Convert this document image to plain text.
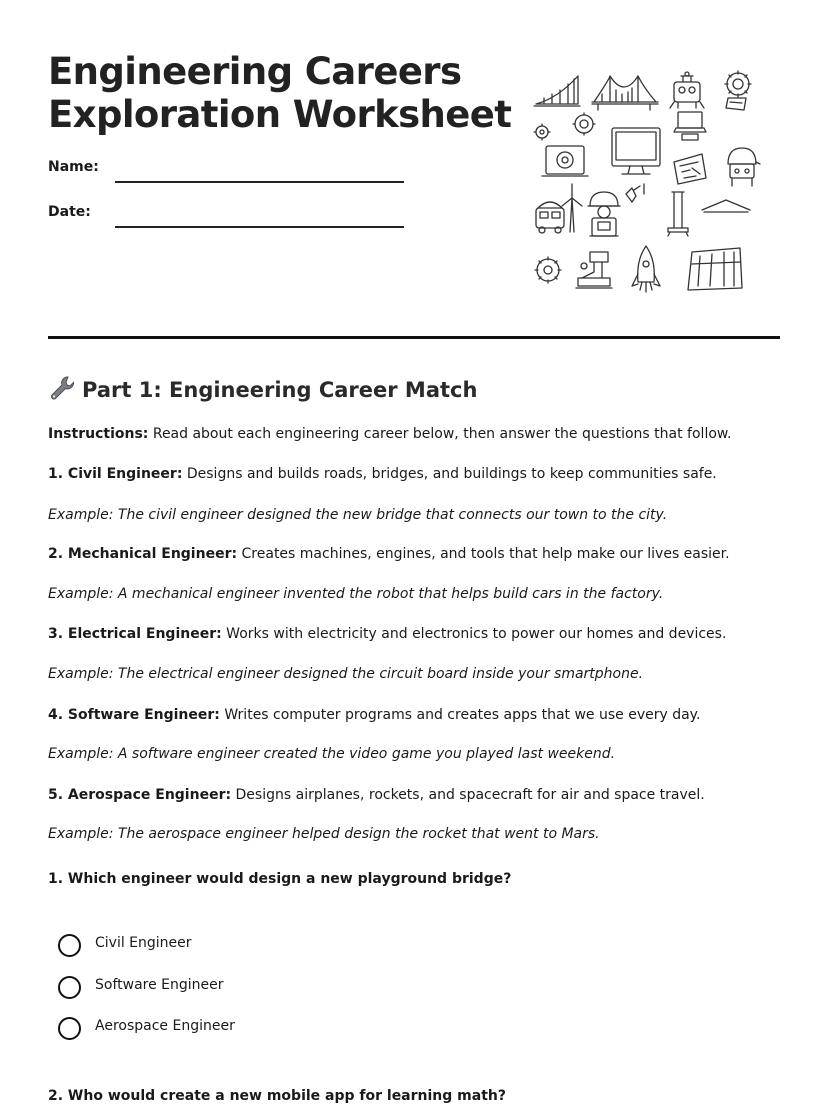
Engineering Careers
Exploration Worksheet
Name:
Date:
Part 1: Engineering Career Match
Instructions: Read about each engineering career below, then answer the questions that follow.
1. Civil Engineer: Designs and builds roads, bridges, and buildings to keep communities safe.
Example: The civil engineer designed the new bridge that connects our town to the city.
2. Mechanical Engineer: Creates machines, engines, and tools that help make our lives easier.
Example: A mechanical engineer invented the robot that helps build cars in the factory.
3. Electrical Engineer: Works with electricity and electronics to power our homes and devices.
Example: The electrical engineer designed the circuit board inside your smartphone.
4. Software Engineer: Writes computer programs and creates apps that we use every day.
Example: A software engineer created the video game you played last weekend.
5. Aerospace Engineer: Designs airplanes, rockets, and spacecraft for air and space travel.
Example: The aerospace engineer helped design the rocket that went to Mars.
1. Which engineer would design a new playground bridge?
Civil Engineer
Software Engineer
Aerospace Engineer
2. Who would create a new mobile app for learning math?
